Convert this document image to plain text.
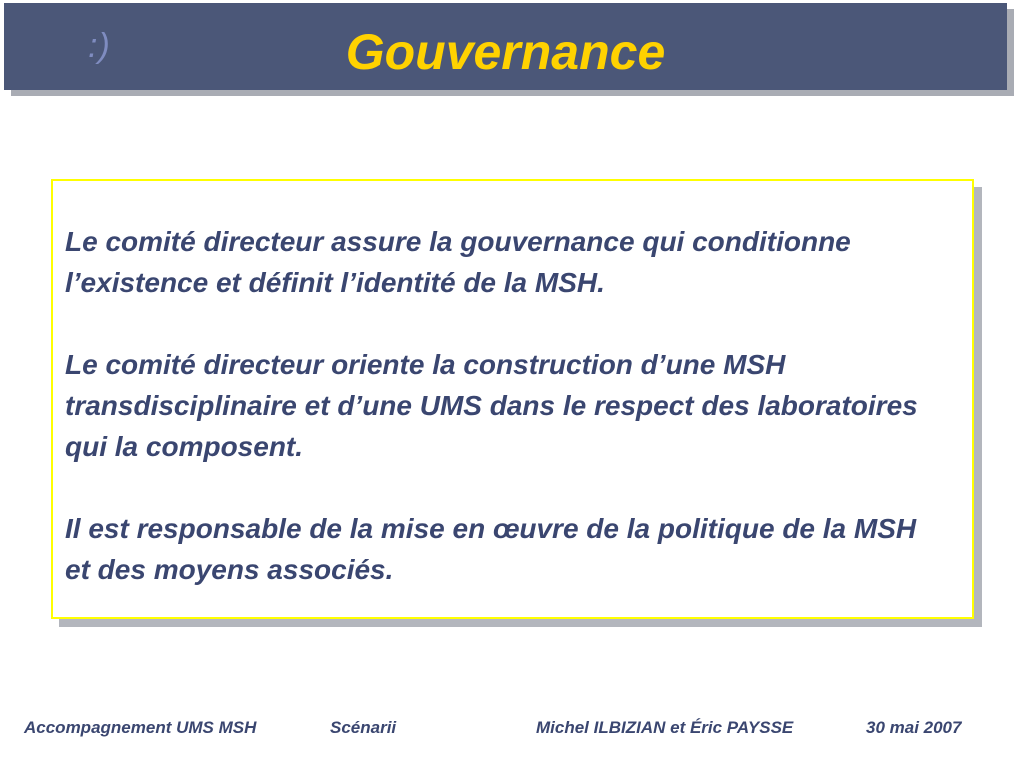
:)	Gouvernance

Le comité directeur assure la gouvernance qui conditionne l’existence et définit l’identité de la MSH.

Le comité directeur oriente la construction d’une MSH transdisciplinaire et d’une UMS dans le respect des laboratoires qui la composent.

Il est responsable de la mise en œuvre de la politique de la MSH et des moyens associés.

Accompagnement UMS MSH	Scénarii	Michel ILBIZIAN et Éric PAYSSE	30 mai 2007
